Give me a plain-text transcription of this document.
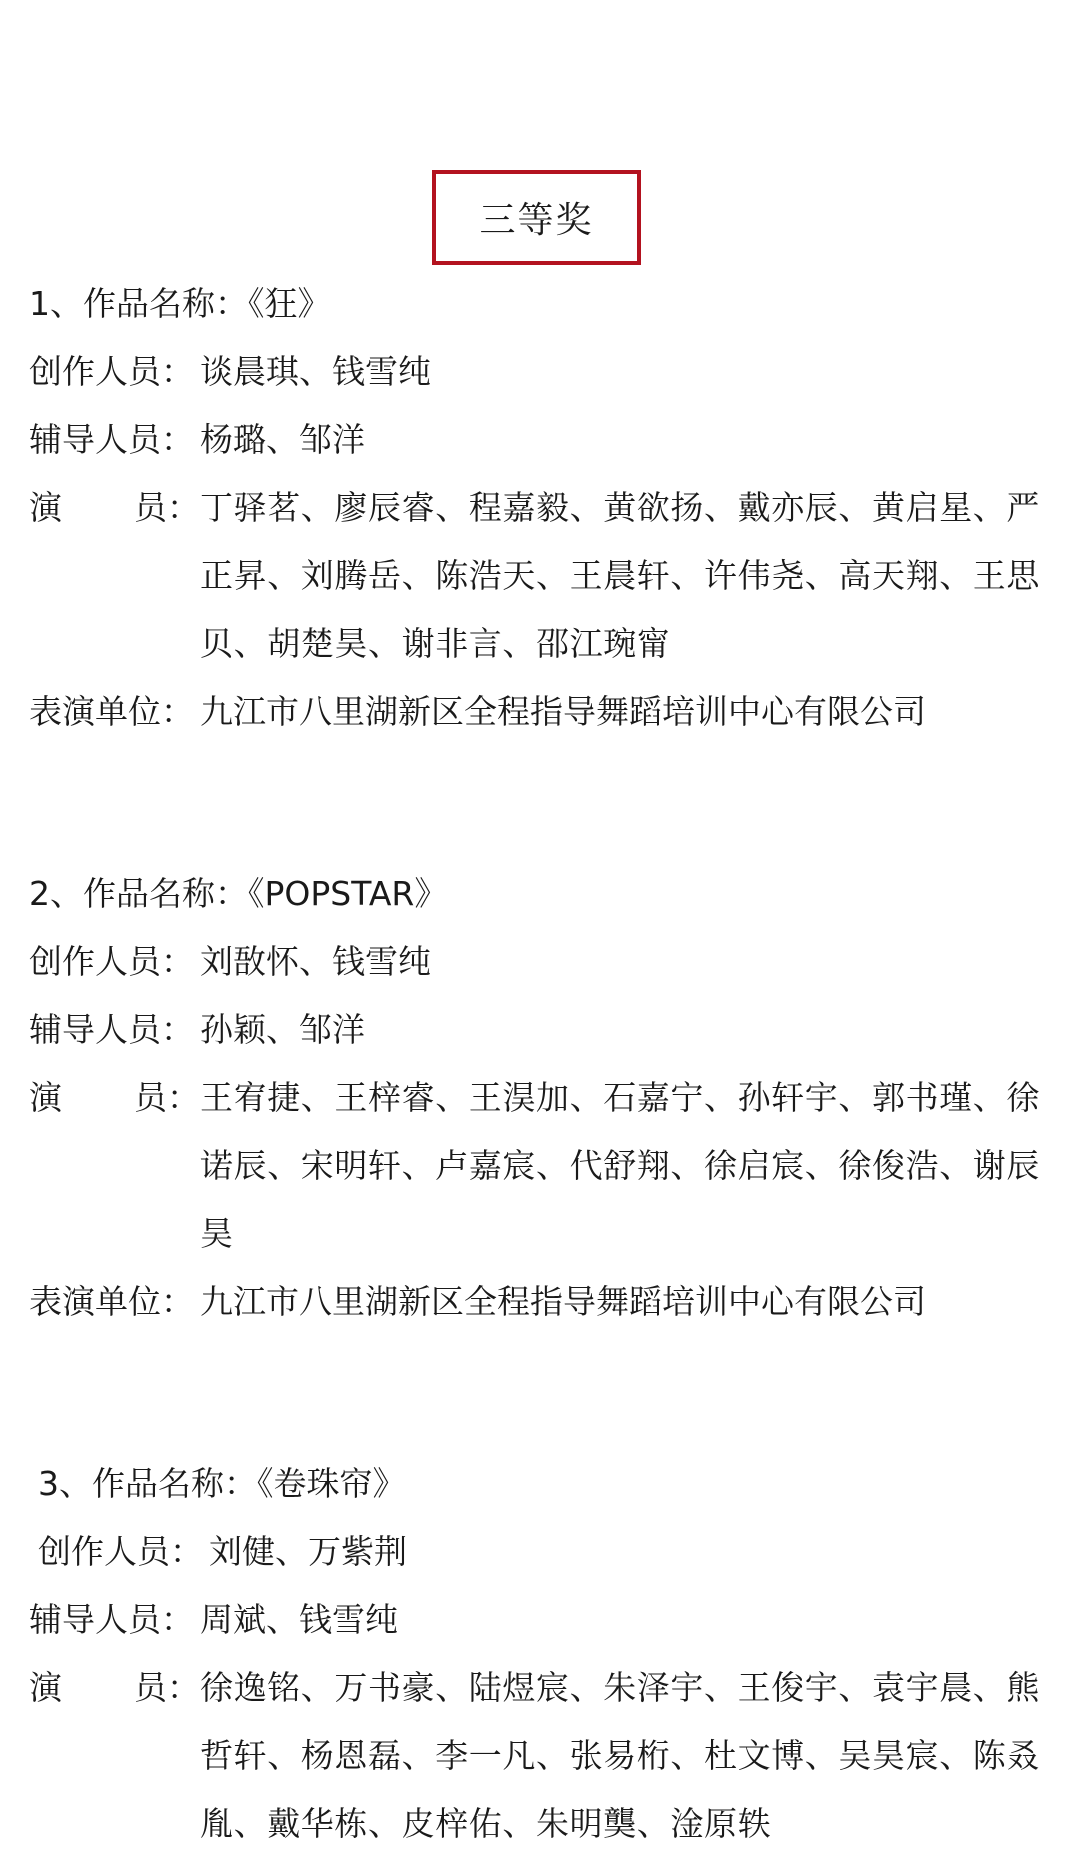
三等奖
1、作品名称：《狂》
创作人员： 谈晨琪、钱雪纯
辅导人员： 杨璐、邹洋
演 员： 丁驿茗、廖辰睿、程嘉毅、黄欲扬、戴亦辰、黄启星、严正昇、刘腾岳、陈浩天、王晨轩、许伟尧、高天翔、王思贝、胡楚昊、谢非言、邵江琬甯
表演单位： 九江市八里湖新区全程指导舞蹈培训中心有限公司
2、作品名称：《POPSTAR》
创作人员： 刘敔怀、钱雪纯
辅导人员： 孙颖、邹洋
演 员： 王宥捷、王梓睿、王淏加、石嘉宁、孙轩宇、郭书瑾、徐诺辰、宋明轩、卢嘉宸、代舒翔、徐启宸、徐俊浩、谢辰昊
表演单位： 九江市八里湖新区全程指导舞蹈培训中心有限公司
3、作品名称：《卷珠帘》
创作人员： 刘健、万紫荆
辅导人员： 周斌、钱雪纯
演 员： 徐逸铭、万书豪、陆煜宸、朱泽宇、王俊宇、袁宇晨、熊哲轩、杨恩磊、李一凡、张易桁、杜文博、吴昊宸、陈叒胤、戴华栋、皮梓佑、朱明龑、淦原轶
